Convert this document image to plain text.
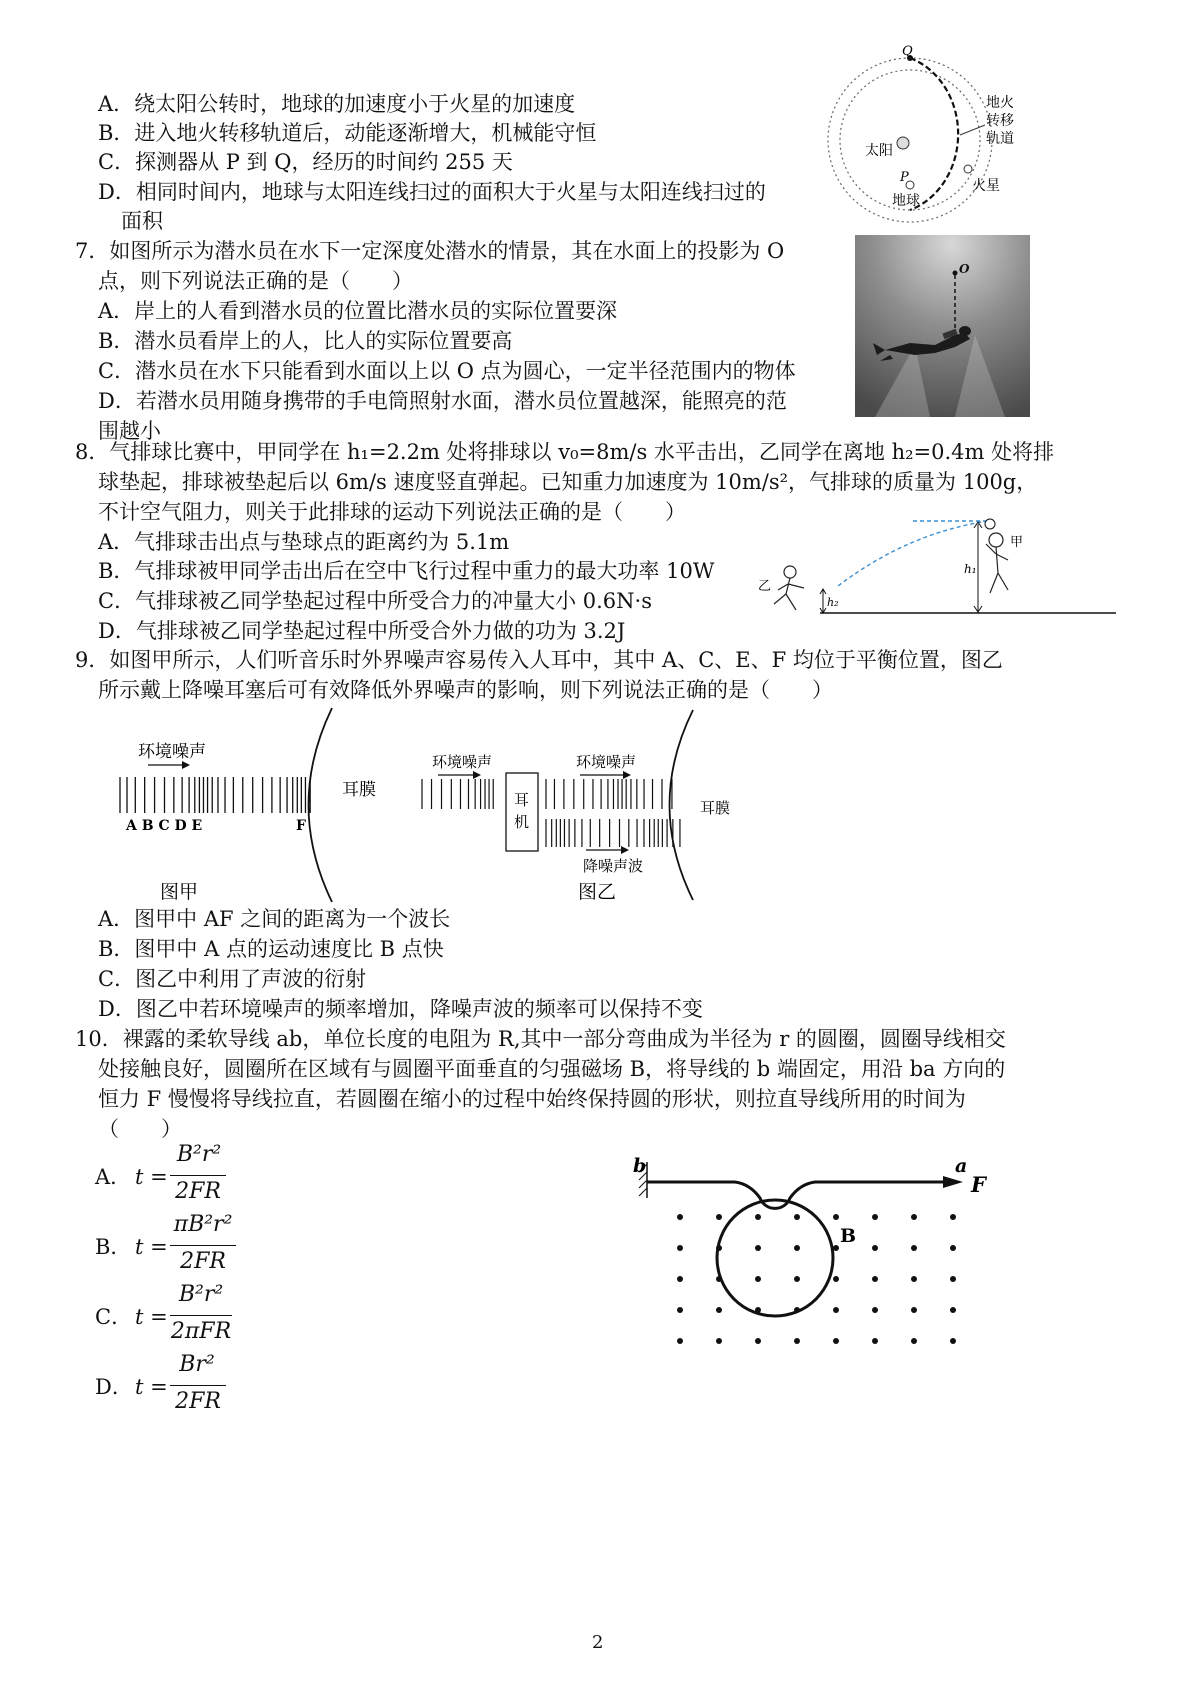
A．绕太阳公转时，地球的加速度小于火星的加速度
B．进入地火转移轨道后，动能逐渐增大，机械能守恒
C．探测器从 P 到 Q，经历的时间约 255 天
D．相同时间内，地球与太阳连线扫过的面积大于火星与太阳连线扫过的
面积
Q
P
太阳
地球
火星
地火
转移
轨道
7．如图所示为潜水员在水下一定深度处潜水的情景，其在水面上的投影为 O
点，则下列说法正确的是（　　）
A．岸上的人看到潜水员的位置比潜水员的实际位置要深
B．潜水员看岸上的人，比人的实际位置要高
C．潜水员在水下只能看到水面以上以 O 点为圆心，一定半径范围内的物体
D．若潜水员用随身携带的手电筒照射水面，潜水员位置越深，能照亮的范
围越小
O
8．气排球比赛中，甲同学在 h₁=2.2m 处将排球以 v₀=8m/s 水平击出，乙同学在离地 h₂=0.4m 处将排
球垫起，排球被垫起后以 6m/s 速度竖直弹起。已知重力加速度为 10m/s²，气排球的质量为 100g，
不计空气阻力，则关于此排球的运动下列说法正确的是（　　）
A．气排球击出点与垫球点的距离约为 5.1m
B．气排球被甲同学击出后在空中飞行过程中重力的最大功率 10W
C．气排球被乙同学垫起过程中所受合力的冲量大小 0.6N·s
D．气排球被乙同学垫起过程中所受合外力做的功为 3.2J
甲
h₁
h₂
乙
9．如图甲所示，人们听音乐时外界噪声容易传入人耳中，其中 A、C、E、F 均位于平衡位置，图乙
所示戴上降噪耳塞后可有效降低外界噪声的影响，则下列说法正确的是（　　）
环境噪声
耳膜
A B C D E	F
图甲
环境噪声	环境噪声
耳
机
降噪声波
耳膜
图乙
A．图甲中 AF 之间的距离为一个波长
B．图甲中 A 点的运动速度比 B 点快
C．图乙中利用了声波的衍射
D．图乙中若环境噪声的频率增加，降噪声波的频率可以保持不变
10．裸露的柔软导线 ab，单位长度的电阻为 R,其中一部分弯曲成为半径为 r 的圆圈，圆圈导线相交
处接触良好，圆圈所在区域有与圆圈平面垂直的匀强磁场 B，将导线的 b 端固定，用沿 ba 方向的
恒力 F 慢慢将导线拉直，若圆圈在缩小的过程中始终保持圆的形状，则拉直导线所用的时间为
（　　）
A． t =
B²r²
2FR
B． t =
πB²r²
2FR
C． t =
B²r²
2πFR
D． t =
Br²
2FR
b	a
F
B
2
